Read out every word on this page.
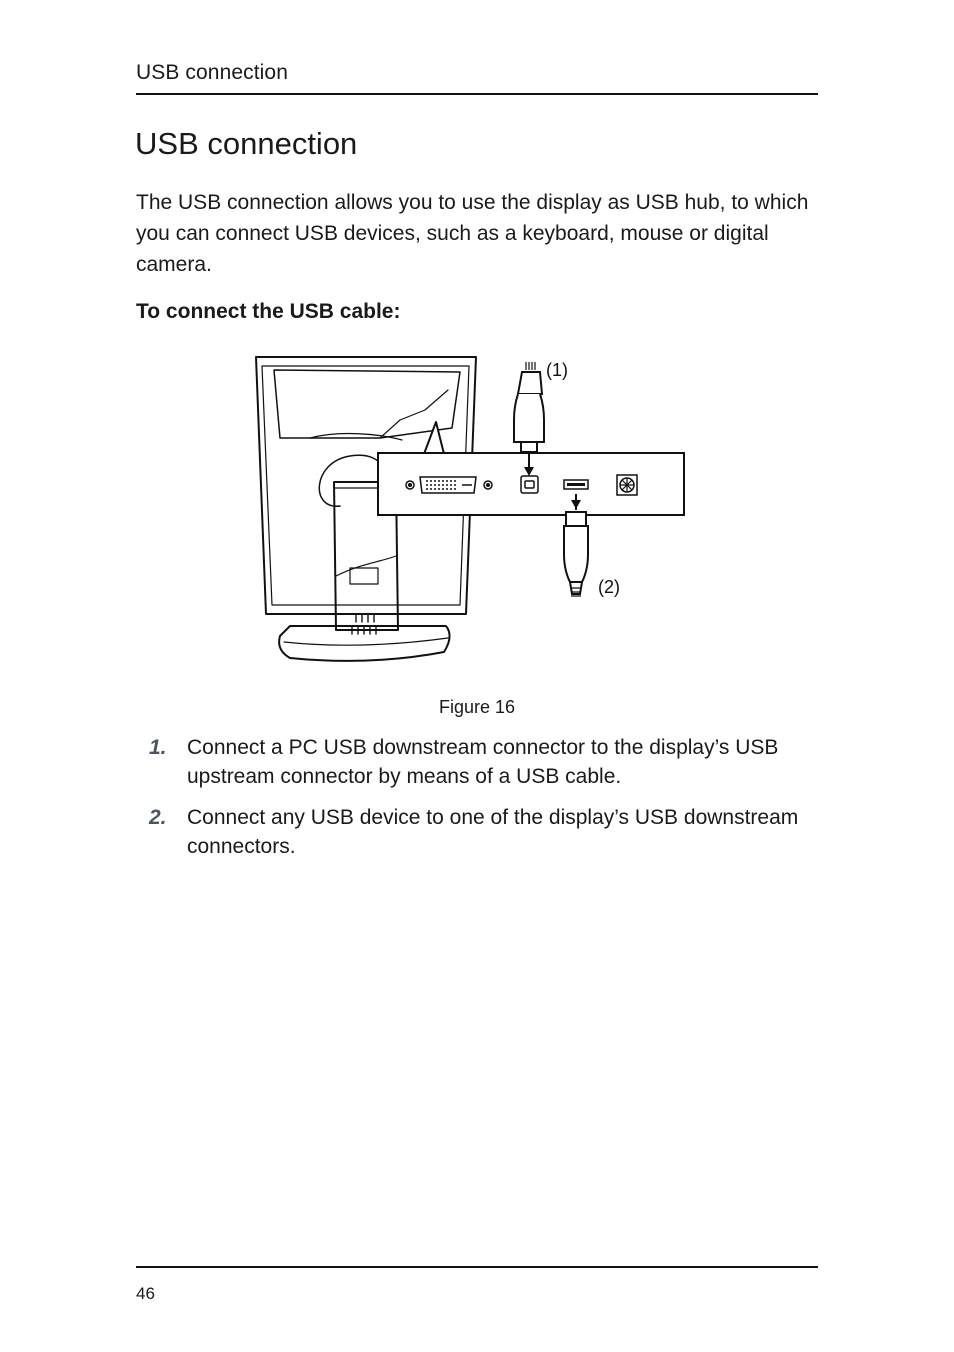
USB connection
USB connection

The USB connection allows you to use the display as USB hub, to which you can connect USB devices, such as a keyboard, mouse or digital camera.

To connect the USB cable:

(1)
(2)
Figure 16
1. Connect a PC USB downstream connector to the display’s USB upstream connector by means of a USB cable.
2. Connect any USB device to one of the display’s USB downstream connectors.
46
